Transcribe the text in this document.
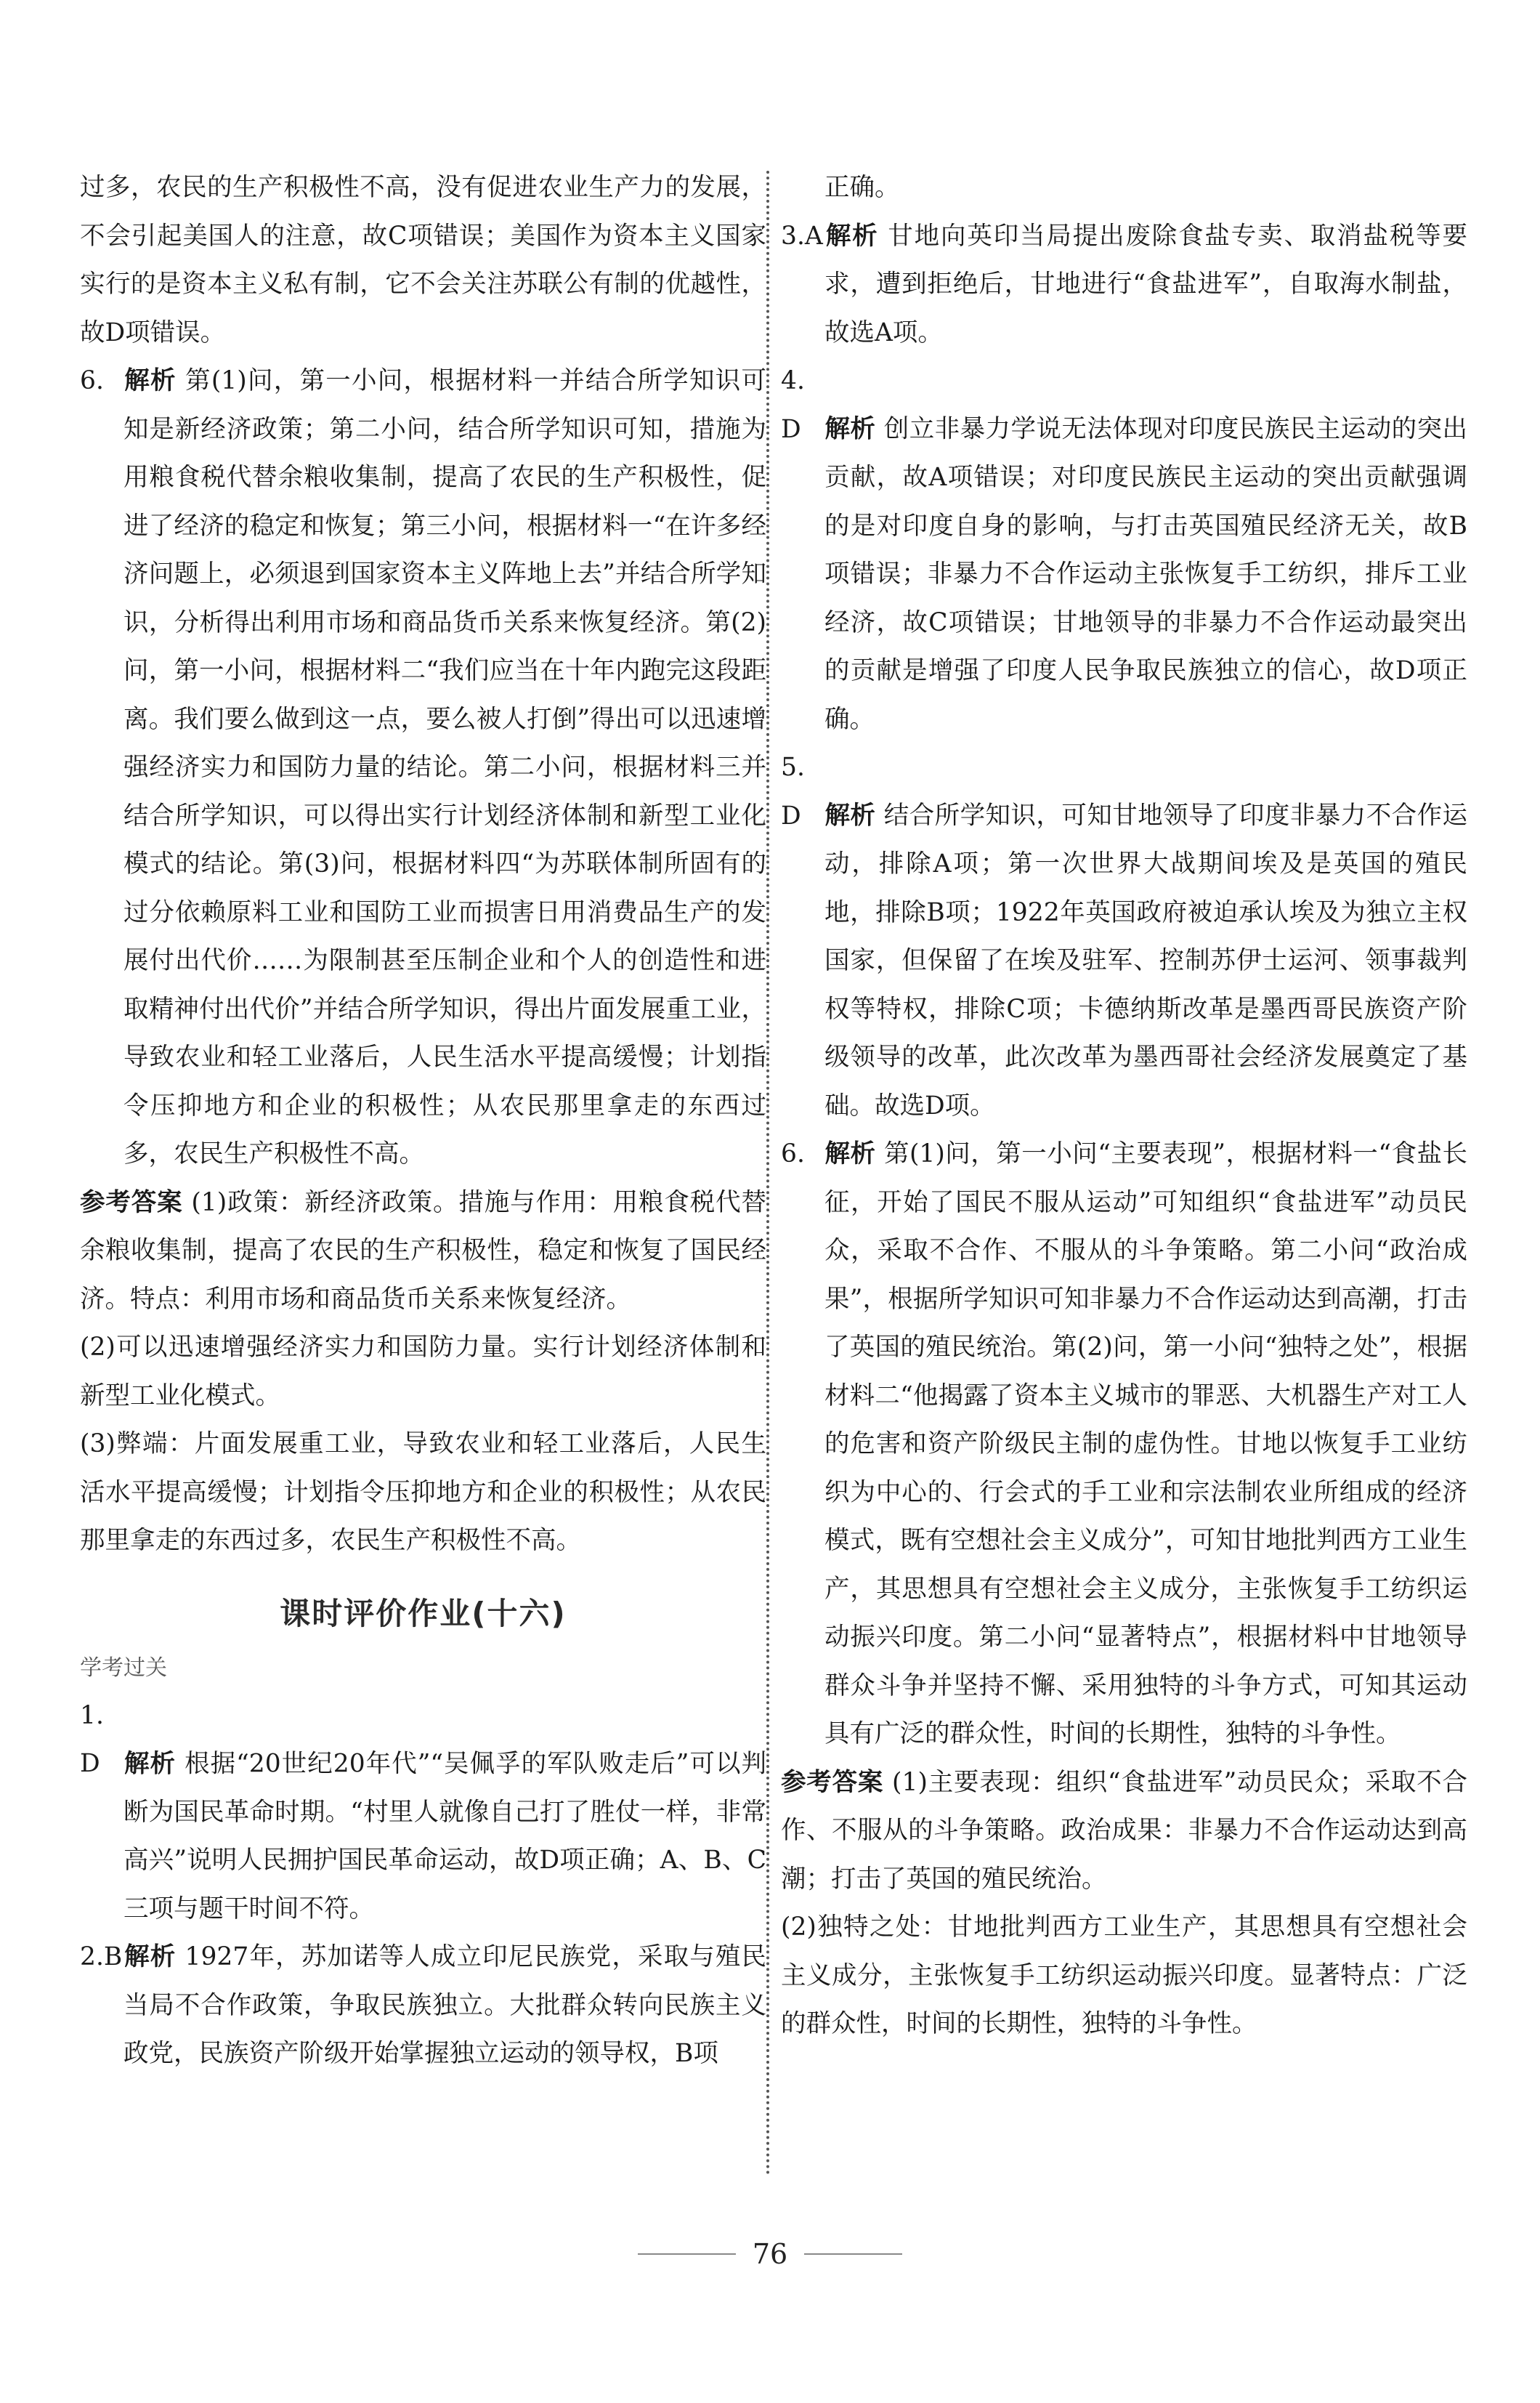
过多，农民的生产积极性不高，没有促进农业生产力的发展，不会引起美国人的注意，故C项错误；美国作为资本主义国家实行的是资本主义私有制，它不会关注苏联公有制的优越性，故D项错误。

6. 解析 第(1)问，第一小问，根据材料一并结合所学知识可知是新经济政策；第二小问，结合所学知识可知，措施为用粮食税代替余粮收集制，提高了农民的生产积极性，促进了经济的稳定和恢复；第三小问，根据材料一“在许多经济问题上，必须退到国家资本主义阵地上去”并结合所学知识，分析得出利用市场和商品货币关系来恢复经济。第(2)问，第一小问，根据材料二“我们应当在十年内跑完这段距离。我们要么做到这一点，要么被人打倒”得出可以迅速增强经济实力和国防力量的结论。第二小问，根据材料三并结合所学知识，可以得出实行计划经济体制和新型工业化模式的结论。第(3)问，根据材料四“为苏联体制所固有的过分依赖原料工业和国防工业而损害日用消费品生产的发展付出代价……为限制甚至压制企业和个人的创造性和进取精神付出代价”并结合所学知识，得出片面发展重工业，导致农业和轻工业落后，人民生活水平提高缓慢；计划指令压抑地方和企业的积极性；从农民那里拿走的东西过多，农民生产积极性不高。

参考答案 (1)政策：新经济政策。措施与作用：用粮食税代替余粮收集制，提高了农民的生产积极性，稳定和恢复了国民经济。特点：利用市场和商品货币关系来恢复经济。

(2)可以迅速增强经济实力和国防力量。实行计划经济体制和新型工业化模式。

(3)弊端：片面发展重工业，导致农业和轻工业落后，人民生活水平提高缓慢；计划指令压抑地方和企业的积极性；从农民那里拿走的东西过多，农民生产积极性不高。

课时评价作业(十六)
学考过关

1.D 解析 根据“20世纪20年代”“吴佩孚的军队败走后”可以判断为国民革命时期。“村里人就像自己打了胜仗一样，非常高兴”说明人民拥护国民革命运动，故D项正确；A、B、C三项与题干时间不符。

2.B解析 1927年，苏加诺等人成立印尼民族党，采取与殖民当局不合作政策，争取民族独立。大批群众转向民族主义政党，民族资产阶级开始掌握独立运动的领导权，B项

正确。

3.A解析 甘地向英印当局提出废除食盐专卖、取消盐税等要求，遭到拒绝后，甘地进行“食盐进军”，自取海水制盐，故选A项。

4.D 解析 创立非暴力学说无法体现对印度民族民主运动的突出贡献，故A项错误；对印度民族民主运动的突出贡献强调的是对印度自身的影响，与打击英国殖民经济无关，故B项错误；非暴力不合作运动主张恢复手工纺织，排斥工业经济，故C项错误；甘地领导的非暴力不合作运动最突出的贡献是增强了印度人民争取民族独立的信心，故D项正确。

5.D 解析 结合所学知识，可知甘地领导了印度非暴力不合作运动，排除A项；第一次世界大战期间埃及是英国的殖民地，排除B项；1922年英国政府被迫承认埃及为独立主权国家，但保留了在埃及驻军、控制苏伊士运河、领事裁判权等特权，排除C项；卡德纳斯改革是墨西哥民族资产阶级领导的改革，此次改革为墨西哥社会经济发展奠定了基础。故选D项。

6. 解析 第(1)问，第一小问“主要表现”，根据材料一“食盐长征，开始了国民不服从运动”可知组织“食盐进军”动员民众，采取不合作、不服从的斗争策略。第二小问“政治成果”，根据所学知识可知非暴力不合作运动达到高潮，打击了英国的殖民统治。第(2)问，第一小问“独特之处”，根据材料二“他揭露了资本主义城市的罪恶、大机器生产对工人的危害和资产阶级民主制的虚伪性。甘地以恢复手工业纺织为中心的、行会式的手工业和宗法制农业所组成的经济模式，既有空想社会主义成分”，可知甘地批判西方工业生产，其思想具有空想社会主义成分，主张恢复手工纺织运动振兴印度。第二小问“显著特点”，根据材料中甘地领导群众斗争并坚持不懈、采用独特的斗争方式，可知其运动具有广泛的群众性，时间的长期性，独特的斗争性。

参考答案 (1)主要表现：组织“食盐进军”动员民众；采取不合作、不服从的斗争策略。政治成果：非暴力不合作运动达到高潮；打击了英国的殖民统治。

(2)独特之处：甘地批判西方工业生产，其思想具有空想社会主义成分，主张恢复手工纺织运动振兴印度。显著特点：广泛的群众性，时间的长期性，独特的斗争性。

76
